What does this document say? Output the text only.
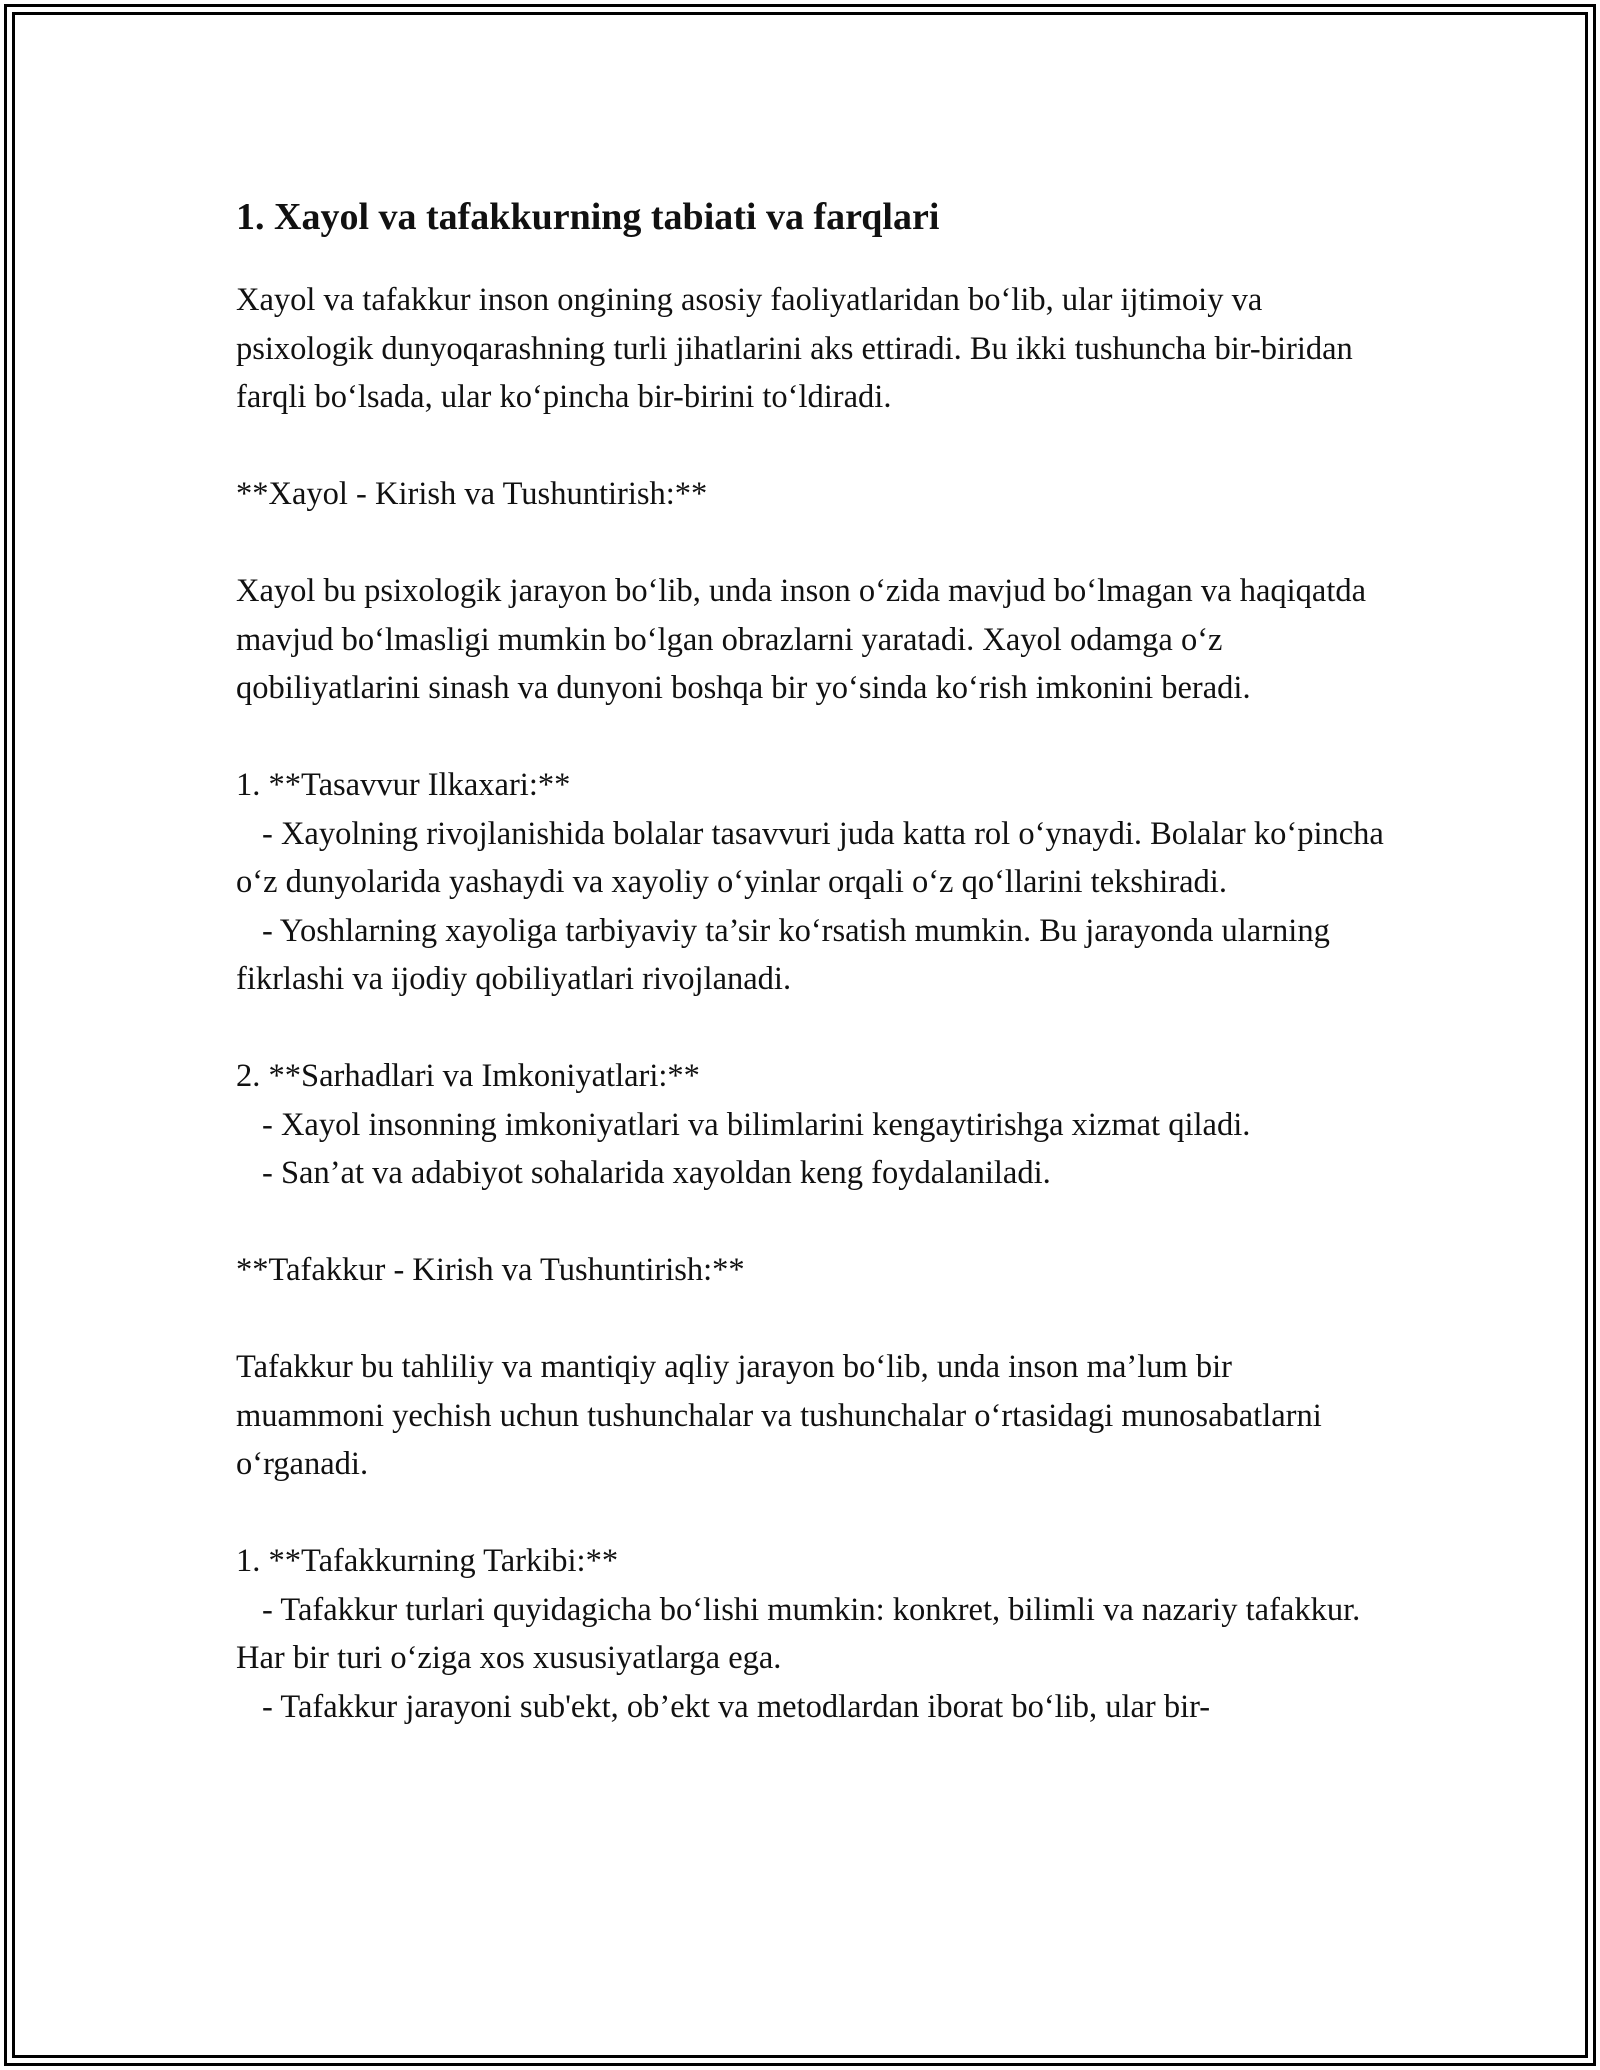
1. Xayol va tafakkurning tabiati va farqlari

Xayol va tafakkur inson ongining asosiy faoliyatlaridan bo‘lib, ular ijtimoiy va psixologik dunyoqarashning turli jihatlarini aks ettiradi. Bu ikki tushuncha bir-biridan farqli bo‘lsada, ular ko‘pincha bir-birini to‘ldiradi.

**Xayol - Kirish va Tushuntirish:**

Xayol bu psixologik jarayon bo‘lib, unda inson o‘zida mavjud bo‘lmagan va haqiqatda mavjud bo‘lmasligi mumkin bo‘lgan obrazlarni yaratadi. Xayol odamga o‘z qobiliyatlarini sinash va dunyoni boshqa bir yo‘sinda ko‘rish imkonini beradi.

1. **Tasavvur Ilkaxari:**

- Xayolning rivojlanishida bolalar tasavvuri juda katta rol o‘ynaydi. Bolalar ko‘pincha o‘z dunyolarida yashaydi va xayoliy o‘yinlar orqali o‘z qo‘llarini tekshiradi.

- Yoshlarning xayoliga tarbiyaviy ta’sir ko‘rsatish mumkin. Bu jarayonda ularning fikrlashi va ijodiy qobiliyatlari rivojlanadi.

2. **Sarhadlari va Imkoniyatlari:**

- Xayol insonning imkoniyatlari va bilimlarini kengaytirishga xizmat qiladi.

- San’at va adabiyot sohalarida xayoldan keng foydalaniladi.

**Tafakkur - Kirish va Tushuntirish:**

Tafakkur bu tahliliy va mantiqiy aqliy jarayon bo‘lib, unda inson ma’lum bir muammoni yechish uchun tushunchalar va tushunchalar o‘rtasidagi munosabatlarni o‘rganadi.

1. **Tafakkurning Tarkibi:**

- Tafakkur turlari quyidagicha bo‘lishi mumkin: konkret, bilimli va nazariy tafakkur. Har bir turi o‘ziga xos xususiyatlarga ega.

- Tafakkur jarayoni sub'ekt, ob’ekt va metodlardan iborat bo‘lib, ular bir-
